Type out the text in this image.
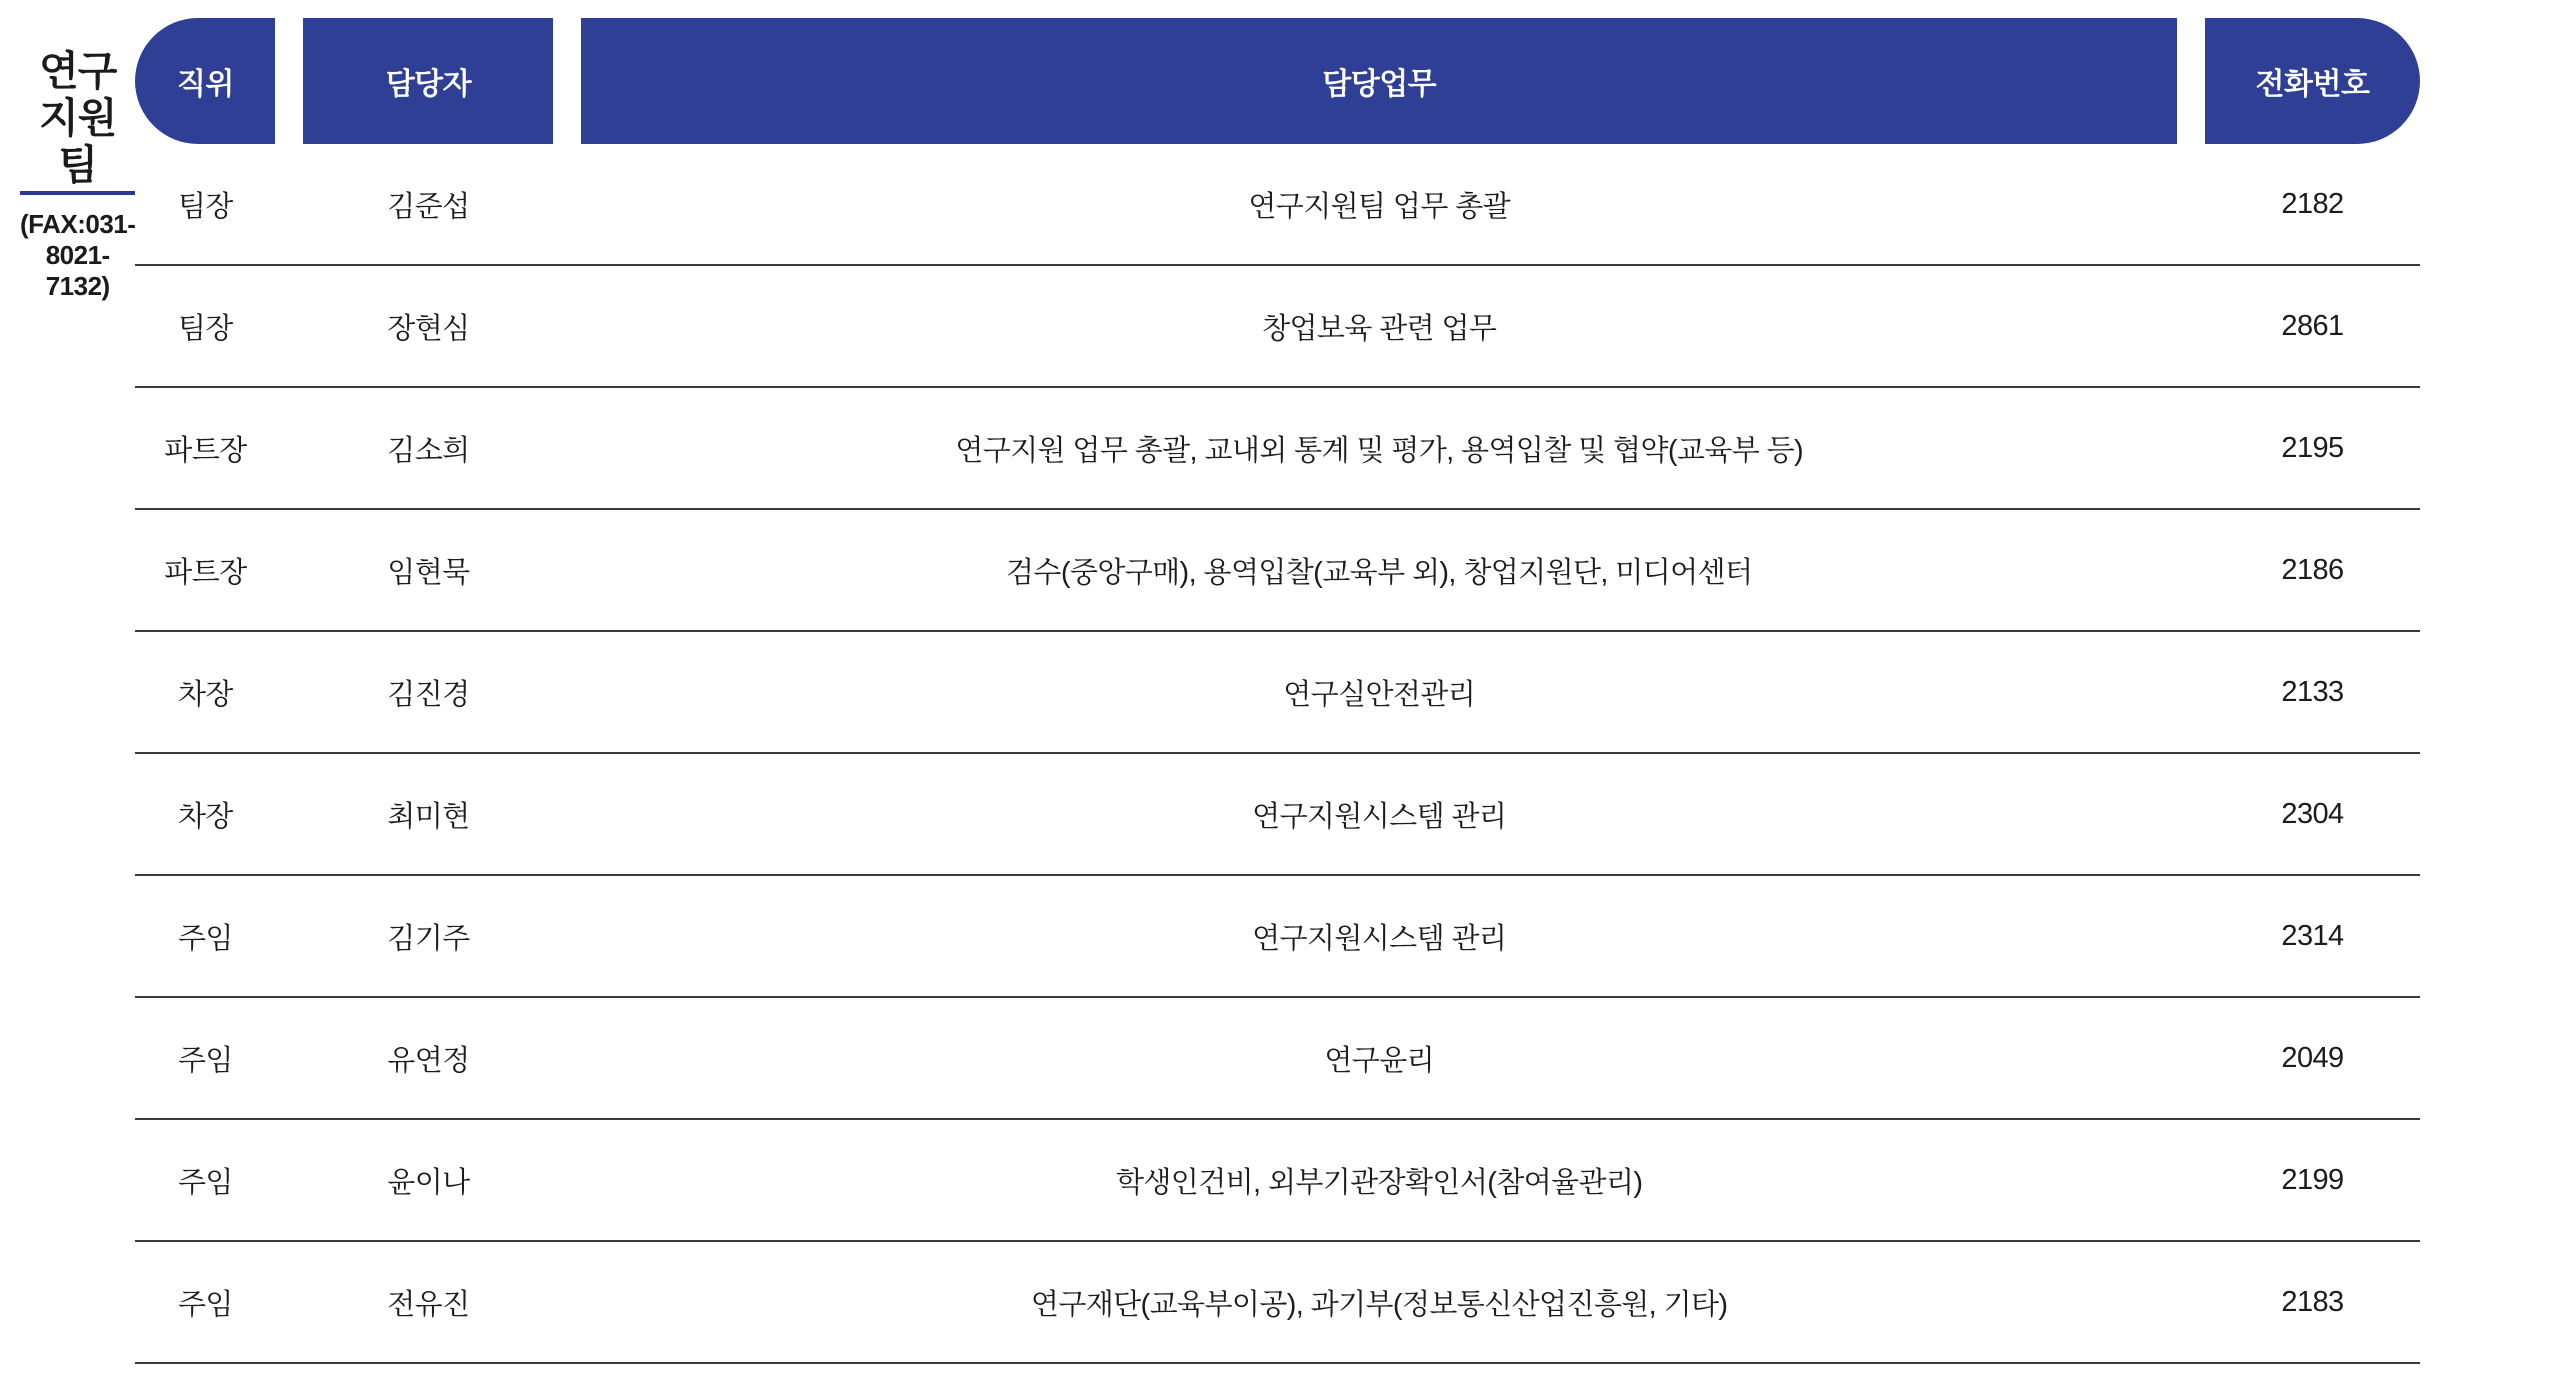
연구지원팀
(FAX:031-8021-7132)
직위		담당자		담당업무		전화번호
팀장		김준섭		연구지원팀 업무 총괄		2182
팀장		장현심		창업보육 관련 업무		2861
파트장		김소희		연구지원 업무 총괄, 교내외 통계 및 평가, 용역입찰 및 협약(교육부 등)		2195
파트장		임현묵		검수(중앙구매), 용역입찰(교육부 외), 창업지원단, 미디어센터		2186
차장		김진경		연구실안전관리		2133
차장		최미현		연구지원시스템 관리		2304
주임		김기주		연구지원시스템 관리		2314
주임		유연정		연구윤리		2049
주임		윤이나		학생인건비, 외부기관장확인서(참여율관리)		2199
주임		전유진		연구재단(교육부이공), 과기부(정보통신산업진흥원, 기타)		2183
